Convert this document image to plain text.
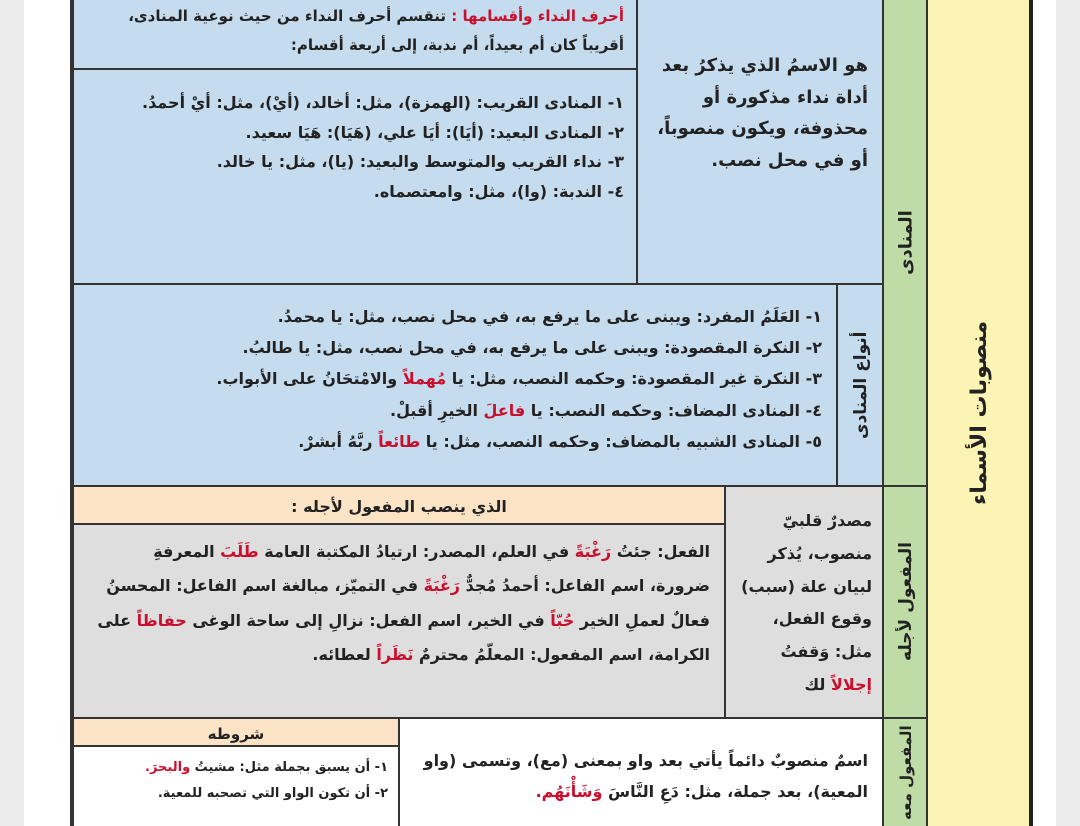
منصوبات الأسماء
المنادى

هو الاسمُ الذي يذكرُ بعد أداة نداء مذكورة أو محذوفة، ويكون منصوباً، أو في محل نصب.

أحرف النداء وأقسامها : تنقسم أحرف النداء من حيث نوعية المنادى، أقريباً كان أم بعيداً، أم ندبة، إلى أربعة أقسام:

١- المنادى القريب: (الهمزة)، مثل: أخالد، (أيْ)، مثل: أيْ أحمدُ.

٢- المنادى البعيد: (أيَا): أيَا علي، (هَيَا): هَيَا سعيد.

٣- نداء القريب والمتوسط والبعيد: (يا)، مثل: يا خالد.

٤- الندبة: (وا)، مثل: وامعتصماه.

أنواع المنادى

١- العَلَمُ المفرد: ويبنى على ما يرفع به، في محل نصب، مثل: يا محمدُ.

٢- النكرة المقصودة: ويبنى على ما يرفع به، في محل نصب، مثل: يا طالبُ.

٣- النكرة غير المقصودة: وحكمه النصب، مثل: يا مُهملاً والامْتحَانُ على الأبواب.

٤- المنادى المضاف: وحكمه النصب: يا فاعلَ الخيرِ أقبلْ.

٥- المنادى الشبيه بالمضاف: وحكمه النصب، مثل: يا طائعاً ربَّهُ أبشرْ.

المفعول لأجله

مصدرٌ قلبيّ منصوب، يُذكر لبيان علة (سبب) وقوع الفعل، مثل: وَقفتُ إجلالاً لك

الذي ينصب المفعول لأجله :

الفعل: جئتُ رَغْبَةً في العلم، المصدر: ارتيادُ المكتبة العامة طَلَبَ المعرفةِ ضرورة، اسم الفاعل: أحمدُ مُجدٌّ رَغْبَةً في التميّز، مبالغة اسم الفاعل: المحسنُ فعالٌ لعملِ الخير حُبّاً في الخير، اسم الفعل: نزالِ إلى ساحة الوغى حفاظاً على الكرامة، اسم المفعول: المعلّمُ محترمٌ نَظَراً لعطائه.

المفعول معه

اسمٌ منصوبٌ دائماً يأتي بعد واو بمعنى (مع)، وتسمى (واو المعية)، بعد جملة، مثل: دَعِ النَّاسَ وَشَأْنَهُم.

شروطه

١- أن يسبق بجملة مثل: مشيتُ والبحرَ.

٢- أن تكون الواو التي تصحبه للمعية.
